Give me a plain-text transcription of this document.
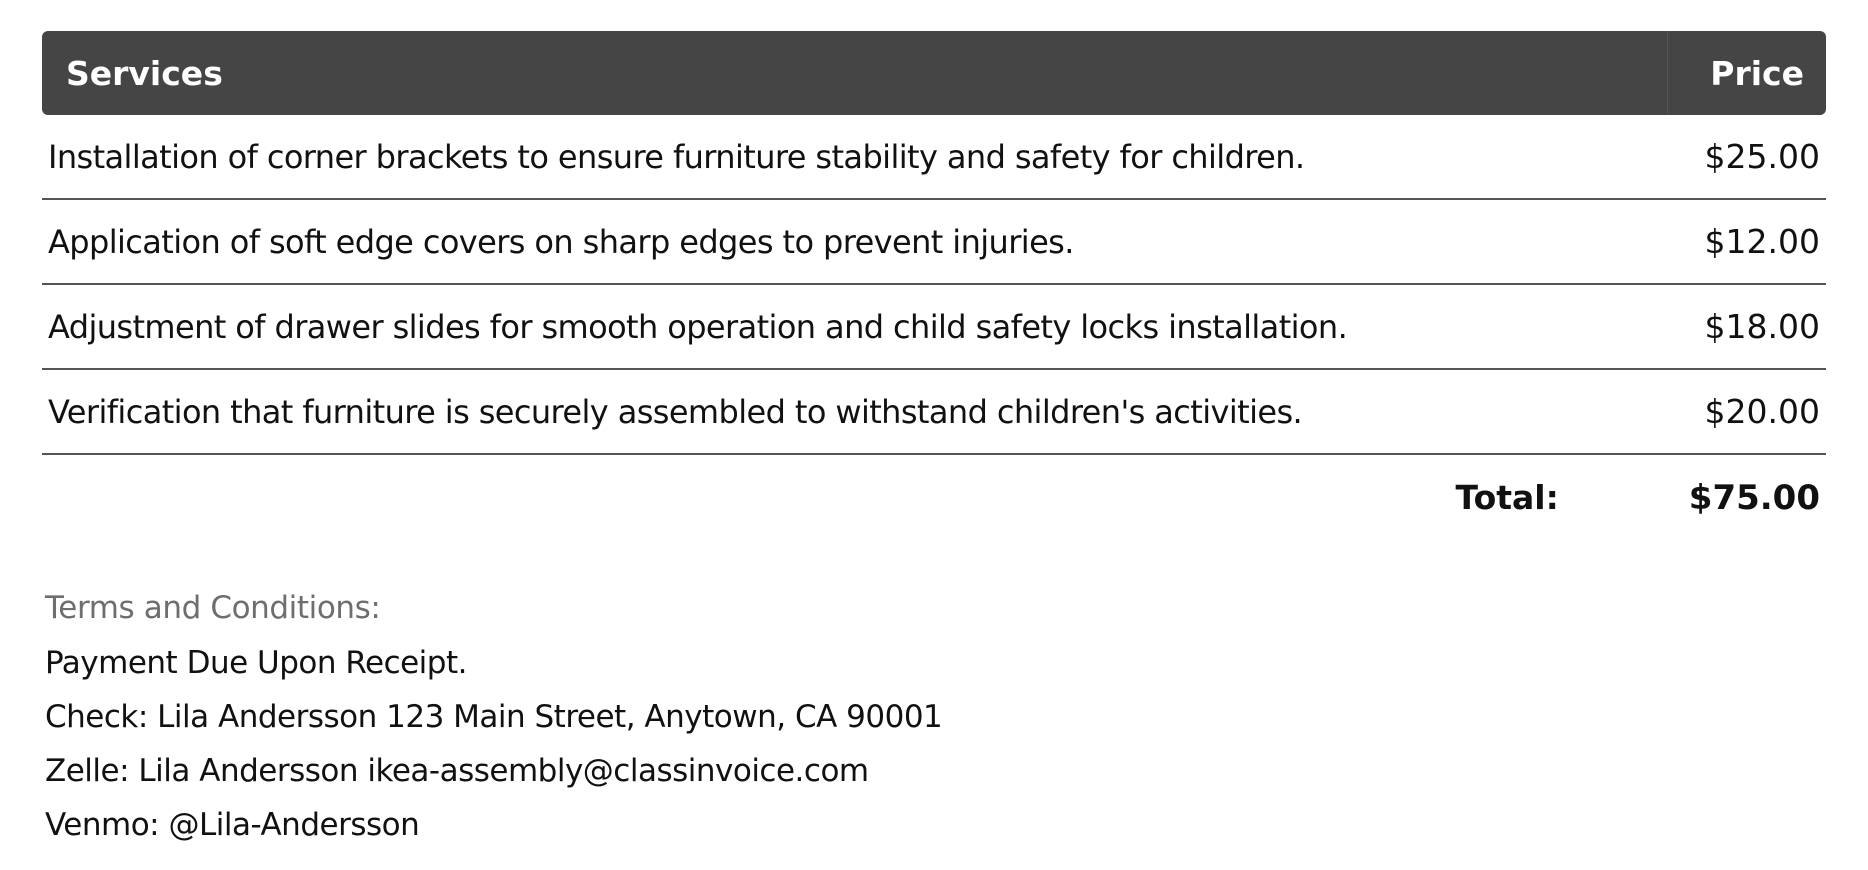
Services	Price
Installation of corner brackets to ensure furniture stability and safety for children.	$25.00
Application of soft edge covers on sharp edges to prevent injuries.	$12.00
Adjustment of drawer slides for smooth operation and child safety locks installation.	$18.00
Verification that furniture is securely assembled to withstand children's activities.	$20.00
Total:	$75.00
Terms and Conditions:
Payment Due Upon Receipt.
Check: Lila Andersson 123 Main Street, Anytown, CA 90001
Zelle: Lila Andersson ikea-assembly@classinvoice.com
Venmo: @Lila-Andersson
